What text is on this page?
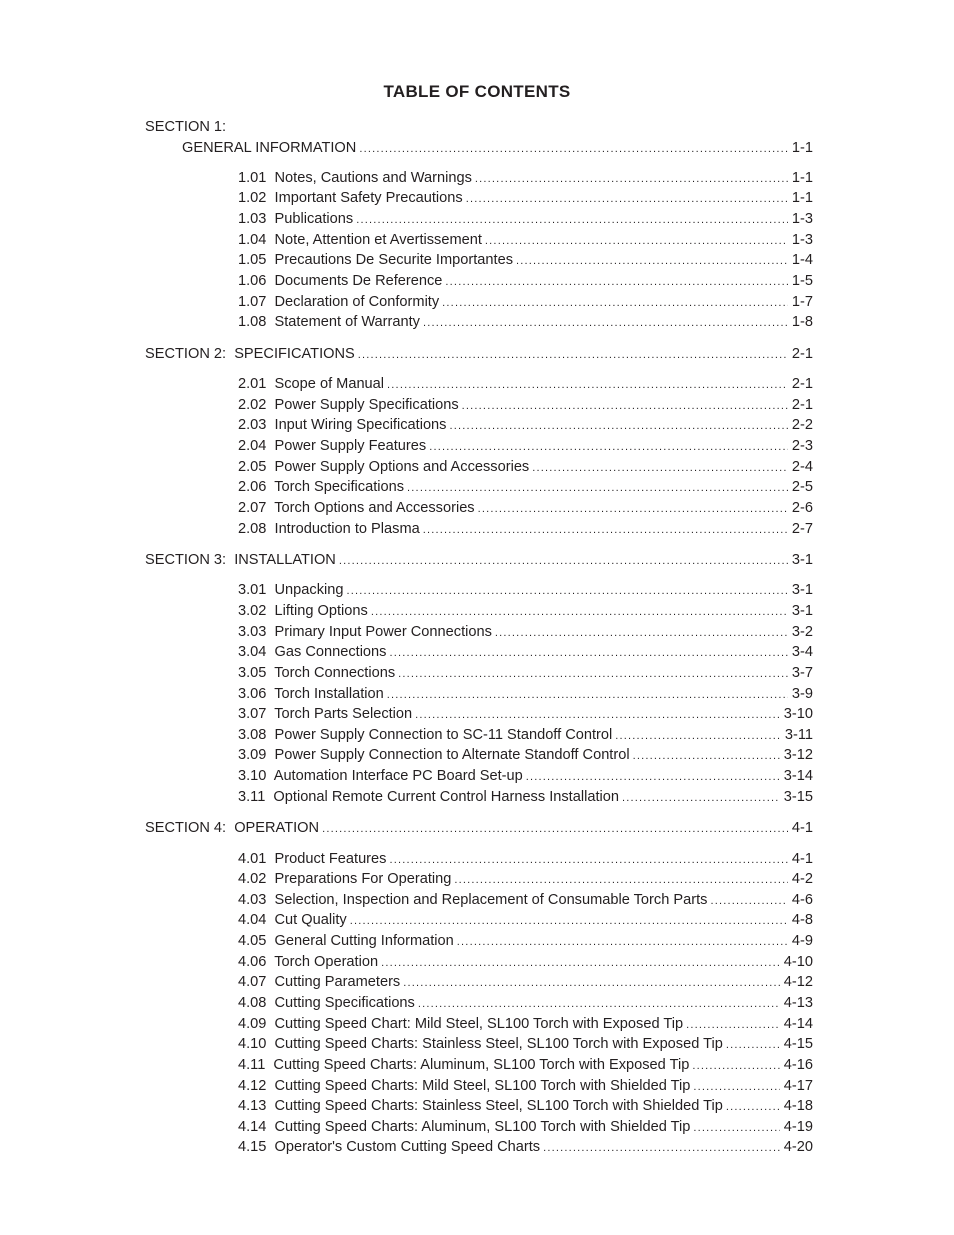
TABLE OF CONTENTS
SECTION 1:
GENERAL INFORMATION .....	1-1
1.01  Notes, Cautions and Warnings .....	1-1
1.02  Important Safety Precautions .....	1-1
1.03  Publications .....	1-3
1.04  Note, Attention et Avertissement .....	1-3
1.05  Precautions De Securite Importantes .....	1-4
1.06  Documents De Reference .....	1-5
1.07  Declaration of Conformity .....	1-7
1.08  Statement of Warranty .....	1-8
SECTION 2:  SPECIFICATIONS .....	2-1
2.01  Scope of Manual .....	2-1
2.02  Power Supply Specifications .....	2-1
2.03  Input Wiring Specifications .....	2-2
2.04  Power Supply Features .....	2-3
2.05  Power Supply Options and Accessories .....	2-4
2.06  Torch Specifications .....	2-5
2.07  Torch Options and Accessories .....	2-6
2.08  Introduction to Plasma .....	2-7
SECTION 3:  INSTALLATION .....	3-1
3.01  Unpacking .....	3-1
3.02  Lifting Options .....	3-1
3.03  Primary Input Power Connections .....	3-2
3.04  Gas Connections .....	3-4
3.05  Torch Connections .....	3-7
3.06  Torch Installation .....	3-9
3.07  Torch Parts Selection .....	3-10
3.08  Power Supply Connection to SC-11 Standoff Control .....	3-11
3.09  Power Supply Connection to Alternate Standoff Control .....	3-12
3.10  Automation Interface PC Board Set-up .....	3-14
3.11  Optional Remote Current Control Harness Installation .....	3-15
SECTION 4:  OPERATION .....	4-1
4.01  Product Features .....	4-1
4.02  Preparations For Operating .....	4-2
4.03  Selection, Inspection and Replacement of Consumable Torch Parts .....	4-6
4.04  Cut Quality .....	4-8
4.05  General Cutting Information .....	4-9
4.06  Torch Operation .....	4-10
4.07  Cutting Parameters .....	4-12
4.08  Cutting Specifications .....	4-13
4.09  Cutting Speed Chart: Mild Steel, SL100 Torch with Exposed Tip .....	4-14
4.10  Cutting Speed Charts: Stainless Steel, SL100 Torch with Exposed Tip .....	4-15
4.11  Cutting Speed Charts: Aluminum, SL100 Torch with Exposed Tip .....	4-16
4.12  Cutting Speed Charts: Mild Steel, SL100 Torch with Shielded Tip .....	4-17
4.13  Cutting Speed Charts: Stainless Steel, SL100 Torch with Shielded Tip .....	4-18
4.14  Cutting Speed Charts: Aluminum, SL100 Torch with Shielded Tip .....	4-19
4.15  Operator's Custom Cutting Speed Charts .....	4-20
